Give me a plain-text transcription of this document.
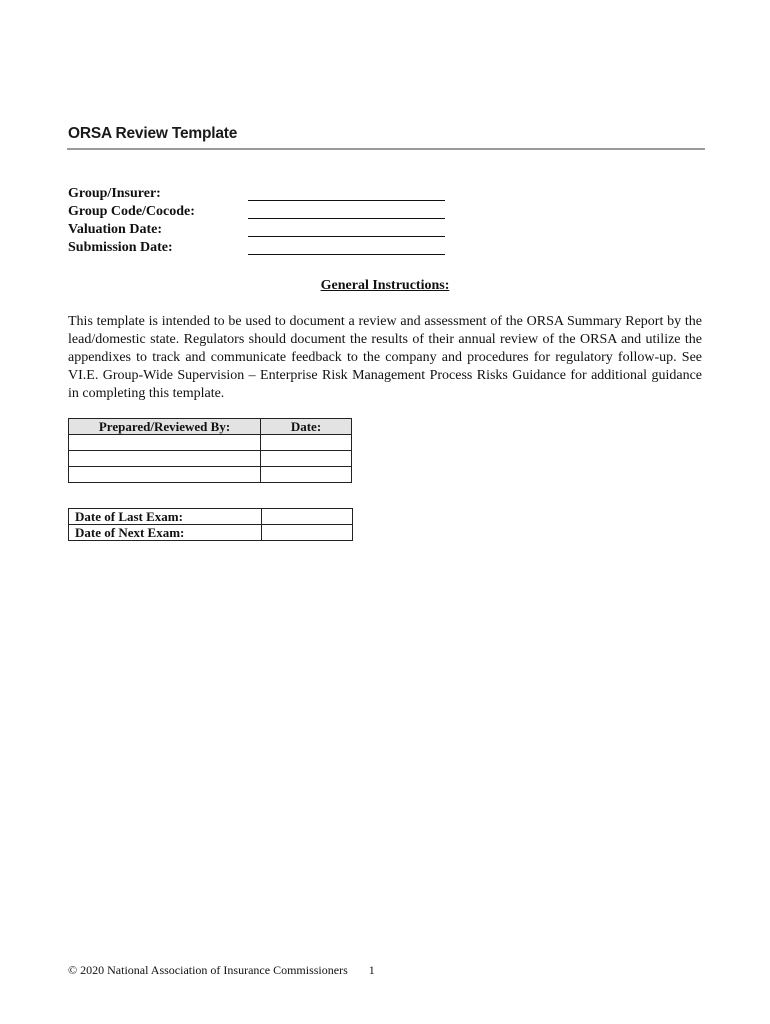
ORSA Review Template
Group/Insurer:
Group Code/Cocode:
Valuation Date:
Submission Date:
General Instructions:
This template is intended to be used to document a review and assessment of the ORSA Summary Report by the lead/domestic state. Regulators should document the results of their annual review of the ORSA and utilize the appendixes to track and communicate feedback to the company and procedures for regulatory follow-up. See VI.E. Group-Wide Supervision – Enterprise Risk Management Process Risks Guidance for additional guidance in completing this template.
Prepared/Reviewed By:	Date:

Date of Last Exam:	
Date of Next Exam:	
© 2020 National Association of Insurance Commissioners 1
